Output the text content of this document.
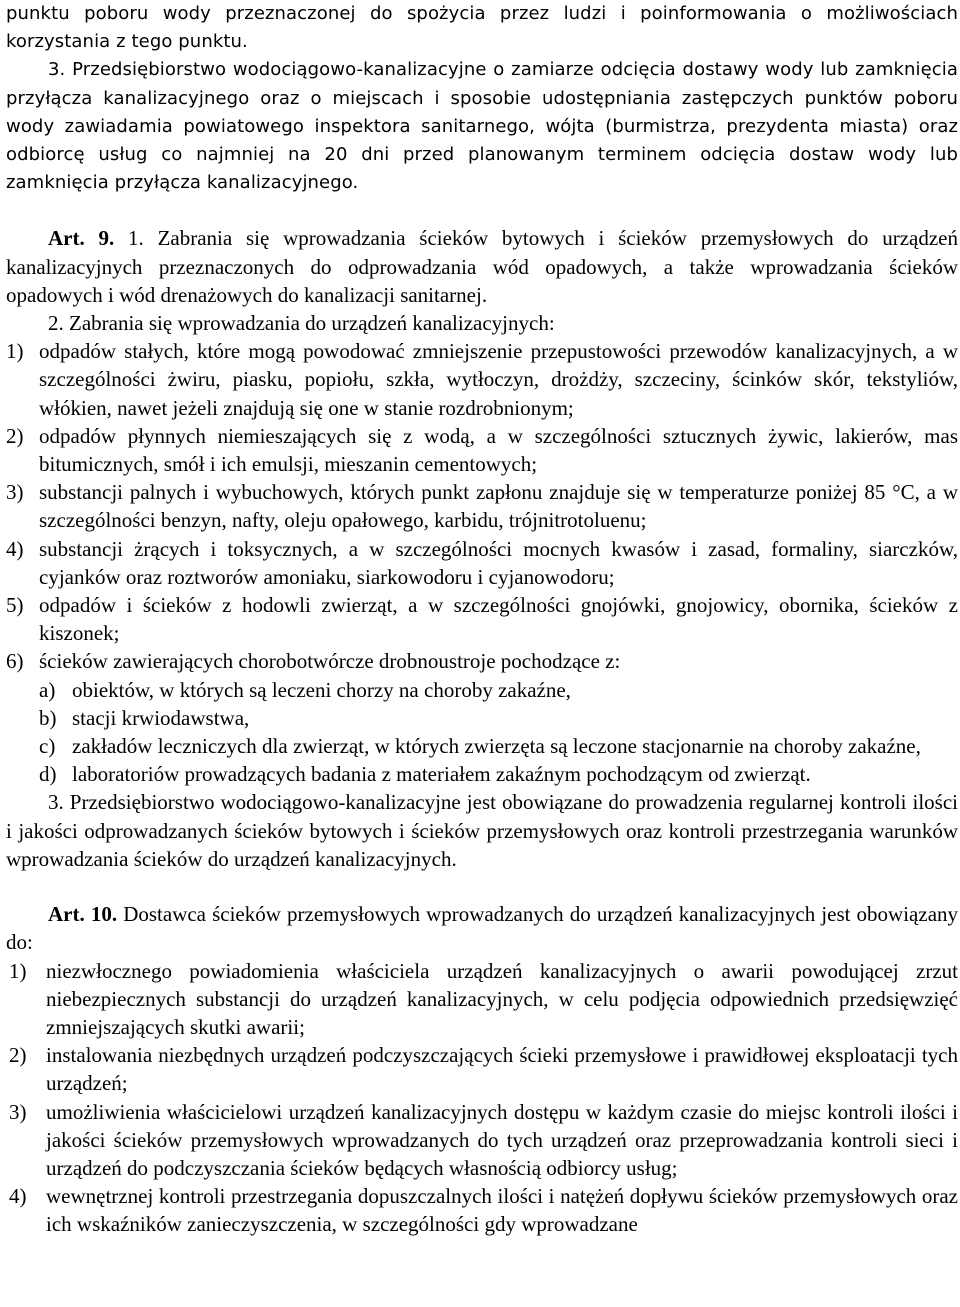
punktu poboru wody przeznaczonej do spożycia przez ludzi i poinformowania o możliwościach korzystania z tego punktu.

3. Przedsiębiorstwo wodociągowo-kanalizacyjne o zamiarze odcięcia dostawy wody lub zamknięcia przyłącza kanalizacyjnego oraz o miejscach i sposobie udostępniania zastępczych punktów poboru wody zawiadamia powiatowego inspektora sanitarnego, wójta (burmistrza, prezydenta miasta) oraz odbiorcę usług co najmniej na 20 dni przed planowanym terminem odcięcia dostaw wody lub zamknięcia przyłącza kanalizacyjnego.

Art. 9. 1. Zabrania się wprowadzania ścieków bytowych i ścieków przemysłowych do urządzeń kanalizacyjnych przeznaczonych do odprowadzania wód opadowych, a także wprowadzania ścieków opadowych i wód drenażowych do kanalizacji sanitarnej.

2. Zabrania się wprowadzania do urządzeń kanalizacyjnych:

1) odpadów stałych, które mogą powodować zmniejszenie przepustowości przewodów kanalizacyjnych, a w szczególności żwiru, piasku, popiołu, szkła, wytłoczyn, drożdży, szczeciny, ścinków skór, tekstyliów, włókien, nawet jeżeli znajdują się one w stanie rozdrobnionym;
2) odpadów płynnych niemieszających się z wodą, a w szczególności sztucznych żywic, lakierów, mas bitumicznych, smół i ich emulsji, mieszanin cementowych;
3) substancji palnych i wybuchowych, których punkt zapłonu znajduje się w temperaturze poniżej 85 °C, a w szczególności benzyn, nafty, oleju opałowego, karbidu, trójnitrotoluenu;
4) substancji żrących i toksycznych, a w szczególności mocnych kwasów i zasad, formaliny, siarczków, cyjanków oraz roztworów amoniaku, siarkowodoru i cyjanowodoru;
5) odpadów i ścieków z hodowli zwierząt, a w szczególności gnojówki, gnojowicy, obornika, ścieków z kiszonek;
6) ścieków zawierających chorobotwórcze drobnoustroje pochodzące z:
a) obiektów, w których są leczeni chorzy na choroby zakaźne,
b) stacji krwiodawstwa,
c) zakładów leczniczych dla zwierząt, w których zwierzęta są leczone stacjonarnie na choroby zakaźne,
d) laboratoriów prowadzących badania z materiałem zakaźnym pochodzącym od zwierząt.

3. Przedsiębiorstwo wodociągowo-kanalizacyjne jest obowiązane do prowadzenia regularnej kontroli ilości i jakości odprowadzanych ścieków bytowych i ścieków przemysłowych oraz kontroli przestrzegania warunków wprowadzania ścieków do urządzeń kanalizacyjnych.

Art. 10. Dostawca ścieków przemysłowych wprowadzanych do urządzeń kanalizacyjnych jest obowiązany do:

1) niezwłocznego powiadomienia właściciela urządzeń kanalizacyjnych o awarii powodującej zrzut niebezpiecznych substancji do urządzeń kanalizacyjnych, w celu podjęcia odpowiednich przedsięwzięć zmniejszających skutki awarii;
2) instalowania niezbędnych urządzeń podczyszczających ścieki przemysłowe i prawidłowej eksploatacji tych urządzeń;
3) umożliwienia właścicielowi urządzeń kanalizacyjnych dostępu w każdym czasie do miejsc kontroli ilości i jakości ścieków przemysłowych wprowadzanych do tych urządzeń oraz przeprowadzania kontroli sieci i urządzeń do podczyszczania ścieków będących własnością odbiorcy usług;
4) wewnętrznej kontroli przestrzegania dopuszczalnych ilości i natężeń dopływu ścieków przemysłowych oraz ich wskaźników zanieczyszczenia, w szczególności gdy wprowadzane
